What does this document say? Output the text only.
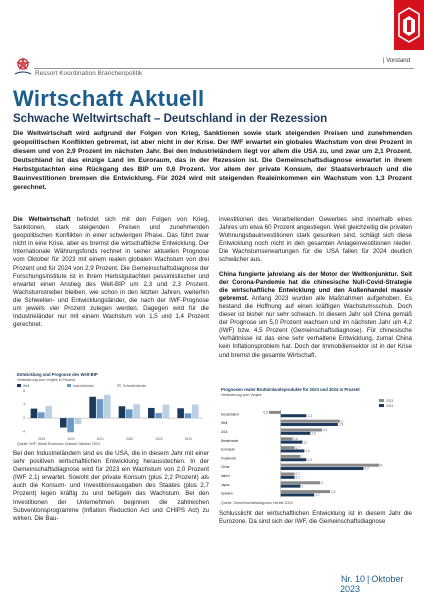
| Vorstand
Ressort Koordination Branchenpolitik
Wirtschaft Aktuell
Schwache Weltwirtschaft – Deutschland in der Rezession
Die Weltwirtschaft wird aufgrund der Folgen von Krieg, Sanktionen sowie stark steigenden Preisen und zunehmenden geopolitischen Konflikten gebremst, ist aber nicht in der Krise. Der IWF erwartet ein globales Wachstum von drei Prozent in diesem und von 2,9 Prozent im nächsten Jahr. Bei den Industrieländern liegt vor allem die USA zu, und zwar um 2,1 Prozent. Deutschland ist das einzige Land im Euroraum, das in der Rezession ist. Die Gemeinschaftsdiagnose erwartet in ihrem Herbstgutachten eine Rückgang des BIP um 0,6 Prozent. Vor allem der private Konsum, der Staatsverbrauch und die Bauinvestitionen bremsen die Entwicklung. Für 2024 wird mit steigenden Realeinkommen ein Wachstum von 1,3 Prozent gerechnet.
Die Weltwirtschaft befindet sich mit den Folgen von Krieg, Sanktionen, stark steigenden Preisen und zunehmenden geopolitischen Konflikten in einer schwierigen Phase. Das führt zwar nicht in eine Krise, aber es bremst die wirtschaftliche Entwicklung. Der Internationale Währungsfonds rechnet in seiner aktuellen Prognose vom Oktober für 2023 mit einem realen globalen Wachstum von drei Prozent und für 2024 von 2,9 Prozent. Die Gemeinschaftsdiagnose der Forschungsinstitute ist in ihrem Herbstgutachten pessimistischer und erwartet einen Anstieg des Welt-BIP um 2,3 und 2,3 Prozent. Wachstumstreiber bleiben, wie schon in den letzten Jahren, weiterhin die Schwellen- und Entwicklungsländer, die nach der IWF-Prognose um jeweils vier Prozent zulegen werden. Dagegen wird für die Industrieländer nur mit einem Wachstum von 1,5 und 1,4 Prozent gerechnet.
Entwicklung und Prognose des Welt-BIP
Veränderung zum Vorjahr in Prozent
Welt	Industrieländer	Schwellenländer
-4
0
4
8
2019	2020	2021	2022	2023	2024
Quelle: IWF, World Economic Outlook Oktober 2023
Bei den Industrieländern sind es die USA, die in diesem Jahr mit einer sehr positiven wirtschaftlichen Entwicklung herausstechen. In der Gemeinschaftsdiagnose wird für 2023 ein Wachstum von 2,0 Prozent (IWF 2,1) erwartet. Sowohl der private Konsum (plus 2,2 Prozent) als auch die Konsum- und Investitionsausgaben des Staates (plus 2,7 Prozent) legen kräftig zu und befügeln das Wachstum. Bei den Investitionen der Unternehmen beginnen die zahlreichen Subventionsprogramme (Inflation Reduction Act und CHIPS Act) zu wirken. Die Bau-
investitionen des Verarbeitenden Gewerbes sind innerhalb eines Jahres um etwa 60 Prozent angestiegen. Weil gleichzeitig die privaten Wohnungsbauinvestitionen stark gesunken sind, schlägt sich diese Entwicklung noch nicht in den gesamten Anlageinvestitionen nieder. Die Wachstumserwartungen für die USA fallen für 2024 deutlich schwächer aus.
China fungierte jahrelang als der Motor der Weltkonjunktur. Seit der Corona-Pandemie hat die chinesische Null-Covid-Strategie die wirtschaftliche Entwicklung und den Außenhandel massiv gebremst. Anfang 2023 wurden alle Maßnahmen aufgehoben. Es bestand die Hoffnung auf einen kräftigen Wachstumsschub. Doch dieser ist bisher nur sehr schwach. In diesem Jahr soll China gemäß der Prognose um 5,0 Prozent wachsen und im nächsten Jahr um 4,2 (IWF) bzw. 4,5 Prozent (Gemeinschaftsdiagnose). Für chinesische Verhältnisse ist das eine sehr verhaltene Entwicklung, zumal China kein Inflationsproblem hat. Doch der Immobiliensektor ist in der Krise und bremst die gesamte Wirtschaft.
Prognosen realer Bruttoinlandsprodukte für 2023 und 2024 in Prozent
Veränderung zum Vorjahr
2023
2024
Deutschland	-0,6
1,3
Welt	3
2,9
USA	2,1
1,5
Niederlande	0,6
1,1
Euroraum	0,7
1,2
Frankreich	1
1,3
China	5
4,2
Italien	0,7
0,7
Japan	2
1
Spanien	2,5
1,7
Quelle: Gemeinschaftsdiagnose Herbst 2023
Schlusslicht der wirtschaftlichen Entwicklung ist in diesem Jahr die Eurozone. Da sind sich der IWF, die Gemeinschaftsdiagnose
Nr. 10 | Oktober 2023
